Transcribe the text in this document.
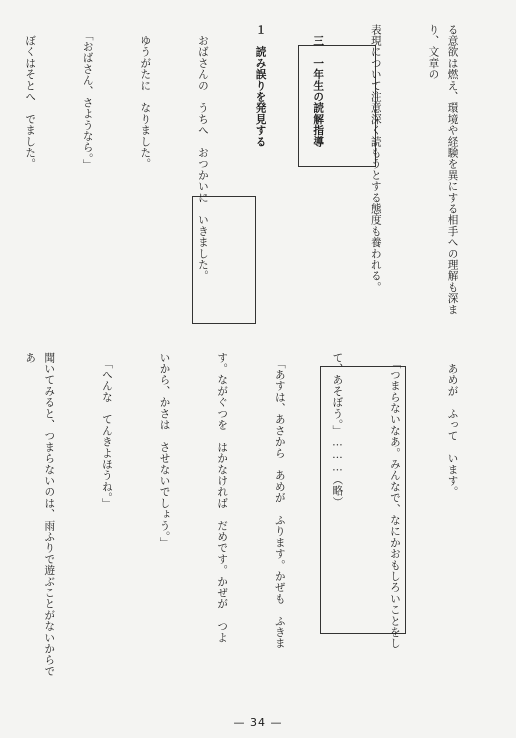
る意欲は燃え、環境や経験を異にする相手への理解も深まり、文章の

表現について注意深く読もうとする態度も養われる。

　三　一年生の読解指導

１　読み誤りを発見する

　おばさんの　うちへ　おつかいに　いきました。

　ゆうがたに　なりました。

　「おばさん、さようなら。」

　ぼくはそとへ　でました。

　あめが　ふって　います。

　「つまらないなあ。みんなで、なにかおもしろいことをし

て、あそぼう。」………（略）

　「あすは、あさから　あめが　ふります。かぜも　ふきま

す。ながぐつを　はかなければ　だめです。かぜが　つよ

いから、かさは　させないでしょう。」

　「へんな　てんきよほうね。」

聞いてみると、つまらないのは、雨ふりで遊ぶことがないからであ

— 34 —
